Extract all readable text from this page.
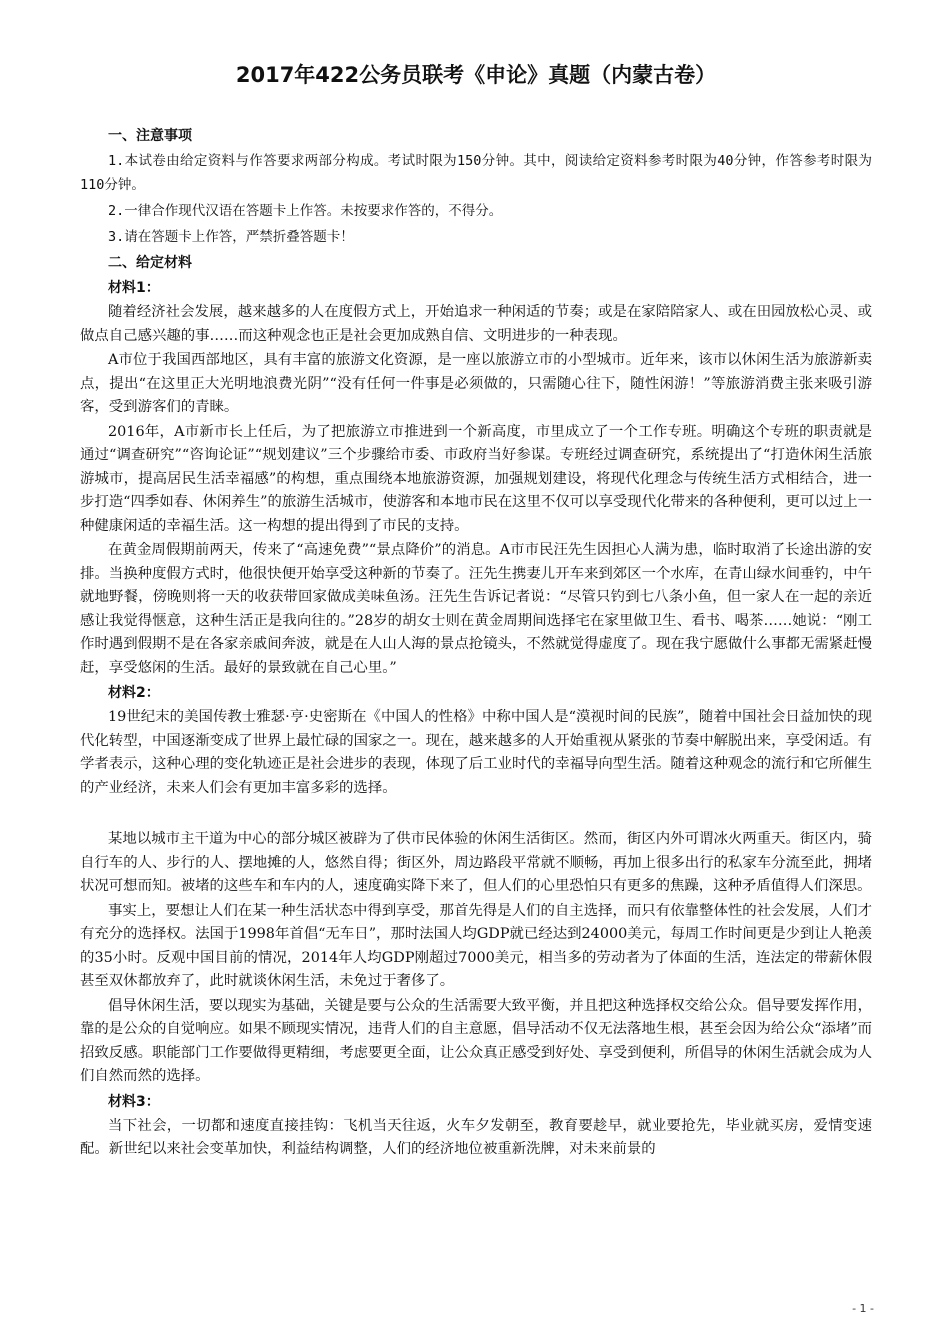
2017年422公务员联考《申论》真题（内蒙古卷）
一、注意事项

1.本试卷由给定资料与作答要求两部分构成。考试时限为150分钟。其中，阅读给定资料参考时限为40分钟，作答参考时限为110分钟。

2.一律合作现代汉语在答题卡上作答。未按要求作答的，不得分。

3.请在答题卡上作答，严禁折叠答题卡！

二、给定材料
材料1：

随着经济社会发展，越来越多的人在度假方式上，开始追求一种闲适的节奏；或是在家陪陪家人、或在田园放松心灵、或做点自己感兴趣的事……而这种观念也正是社会更加成熟自信、文明进步的一种表现。

A市位于我国西部地区，具有丰富的旅游文化资源，是一座以旅游立市的小型城市。近年来，该市以休闲生活为旅游新卖点，提出“在这里正大光明地浪费光阴”“没有任何一件事是必须做的，只需随心往下，随性闲游！”等旅游消费主张来吸引游客，受到游客们的青睐。

2016年，A市新市长上任后，为了把旅游立市推进到一个新高度，市里成立了一个工作专班。明确这个专班的职责就是通过“调查研究”“咨询论证”“规划建议”三个步骤给市委、市政府当好参谋。专班经过调查研究，系统提出了“打造休闲生活旅游城市，提高居民生活幸福感”的构想，重点围绕本地旅游资源，加强规划建设，将现代化理念与传统生活方式相结合，进一步打造“四季如春、休闲养生”的旅游生活城市，使游客和本地市民在这里不仅可以享受现代化带来的各种便利，更可以过上一种健康闲适的幸福生活。这一构想的提出得到了市民的支持。

在黄金周假期前两天，传来了“高速免费”“景点降价”的消息。A市市民汪先生因担心人满为患，临时取消了长途出游的安排。当换种度假方式时，他很快便开始享受这种新的节奏了。汪先生携妻儿开车来到郊区一个水库，在青山绿水间垂钓，中午就地野餐，傍晚则将一天的收获带回家做成美味鱼汤。汪先生告诉记者说：“尽管只钓到七八条小鱼，但一家人在一起的亲近感让我觉得惬意，这种生活正是我向往的。”28岁的胡女士则在黄金周期间选择宅在家里做卫生、看书、喝茶……她说：“刚工作时遇到假期不是在各家亲戚间奔波，就是在人山人海的景点抢镜头，不然就觉得虚度了。现在我宁愿做什么事都无需紧赶慢赶，享受悠闲的生活。最好的景致就在自己心里。”

材料2：

19世纪末的美国传教士雅瑟·亨·史密斯在《中国人的性格》中称中国人是“漠视时间的民族”，随着中国社会日益加快的现代化转型，中国逐渐变成了世界上最忙碌的国家之一。现在，越来越多的人开始重视从紧张的节奏中解脱出来，享受闲适。有学者表示，这种心理的变化轨迹正是社会进步的表现，体现了后工业时代的幸福导向型生活。随着这种观念的流行和它所催生的产业经济，未来人们会有更加丰富多彩的选择。

某地以城市主干道为中心的部分城区被辟为了供市民体验的休闲生活街区。然而，街区内外可谓冰火两重天。街区内，骑自行车的人、步行的人、摆地摊的人，悠然自得；街区外，周边路段平常就不顺畅，再加上很多出行的私家车分流至此，拥堵状况可想而知。被堵的这些车和车内的人，速度确实降下来了，但人们的心里恐怕只有更多的焦躁，这种矛盾值得人们深思。

事实上，要想让人们在某一种生活状态中得到享受，那首先得是人们的自主选择，而只有依靠整体性的社会发展，人们才有充分的选择权。法国于1998年首倡“无车日”，那时法国人均GDP就已经达到24000美元，每周工作时间更是少到让人艳羡的35小时。反观中国目前的情况，2014年人均GDP刚超过7000美元，相当多的劳动者为了体面的生活，连法定的带薪休假甚至双休都放弃了，此时就谈休闲生活，未免过于奢侈了。

倡导休闲生活，要以现实为基础，关键是要与公众的生活需要大致平衡，并且把这种选择权交给公众。倡导要发挥作用，靠的是公众的自觉响应。如果不顾现实情况，违背人们的自主意愿，倡导活动不仅无法落地生根，甚至会因为给公众“添堵”而招致反感。职能部门工作要做得更精细，考虑要更全面，让公众真正感受到好处、享受到便利，所倡导的休闲生活就会成为人们自然而然的选择。

材料3：

当下社会，一切都和速度直接挂钩：飞机当天往返，火车夕发朝至，教育要趁早，就业要抢先，毕业就买房，爱情变速配。新世纪以来社会变革加快，利益结构调整，人们的经济地位被重新洗牌，对未来前景的

- 1 -
